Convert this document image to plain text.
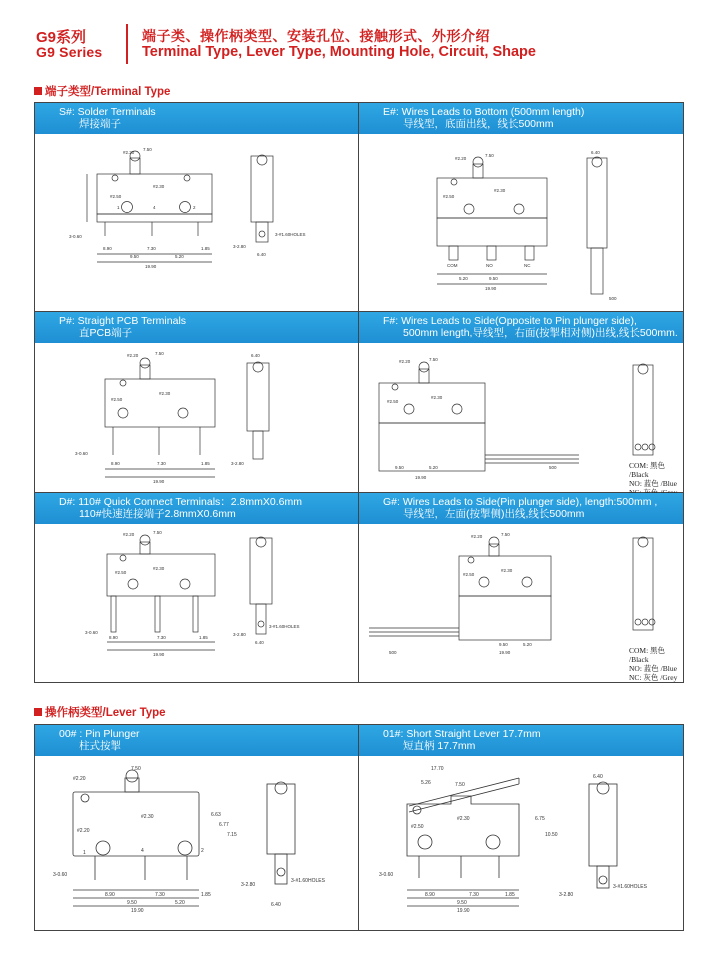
G9系列
G9 Series
端子类、操作柄类型、安装孔位、接触形式、外形介绍
Terminal Type, Lever Type, Mounting Hole, Circuit, Shape
端子类型/Terminal Type
S#: Solder Terminals
焊接端子
#2.20
7.50
#2.30
#2.50
1	4	2
8.90	7.30	1.85
9.50	5.20
19.90
3-0.60
6.40
3-2.80
3-#1.60HOLES
E#: Wires Leads to Bottom (500mm length)
导线型，底面出线，线长500mm
#2.20
7.50
#2.30
#2.50
COM	NO	NC
5.20	9.50
19.90
6.40
500
P#: Straight PCB Terminals
直PCB端子
#2.20	7.50
#2.30
#2.50
8.90	7.30	1.85
19.90
3-0.60
3-2.80
6.40
F#: Wires Leads to Side(Opposite to Pin plunger side),
500mm length,导线型，右面(按掣相对侧)出线,线长500mm.
#2.20	7.50
#2.30
#2.50
9.50	5.20
19.90
500	COM: 黑色 /Black
NO: 蓝色 /Blue
D#: 110# Quick Connect Terminals：2.8mmX0.6mm
110#快速连接端子2.8mmX0.6mm
#2.20	7.50
#2.30
#2.50
8.90	7.30	1.85
19.90
3-0.60	3-2.80
3-#1.60HOLES
6.40
G#: Wires Leads to Side(Pin plunger side), length:500mm ,
导线型，左面(按掣侧)出线,线长500mm
#2.20	7.50
#2.30
#2.50
9.50	5.20
19.90
500	COM: 黑色 /Black
NO: 蓝色 /Blue
NC: 灰色 /Grey
操作柄类型/Lever Type
00# : Pin Plunger
柱式按掣
#2.20
7.50
#2.30
#2.20
1	4	2
8.90	7.30	1.85
9.50	5.20
19.90
3-0.60
3-2.80
3-#1.60HOLES
6.40
6.63
6.77
7.15
01#: Short Straight Lever 17.7mm
短直柄 17.7mm
17.70
5.26	7.50
#2.30
#2.50
8.90	7.30	1.85
9.50
19.90
3-0.60
3-2.80
3-#1.60HOLES
6.40
6.75
10.50
